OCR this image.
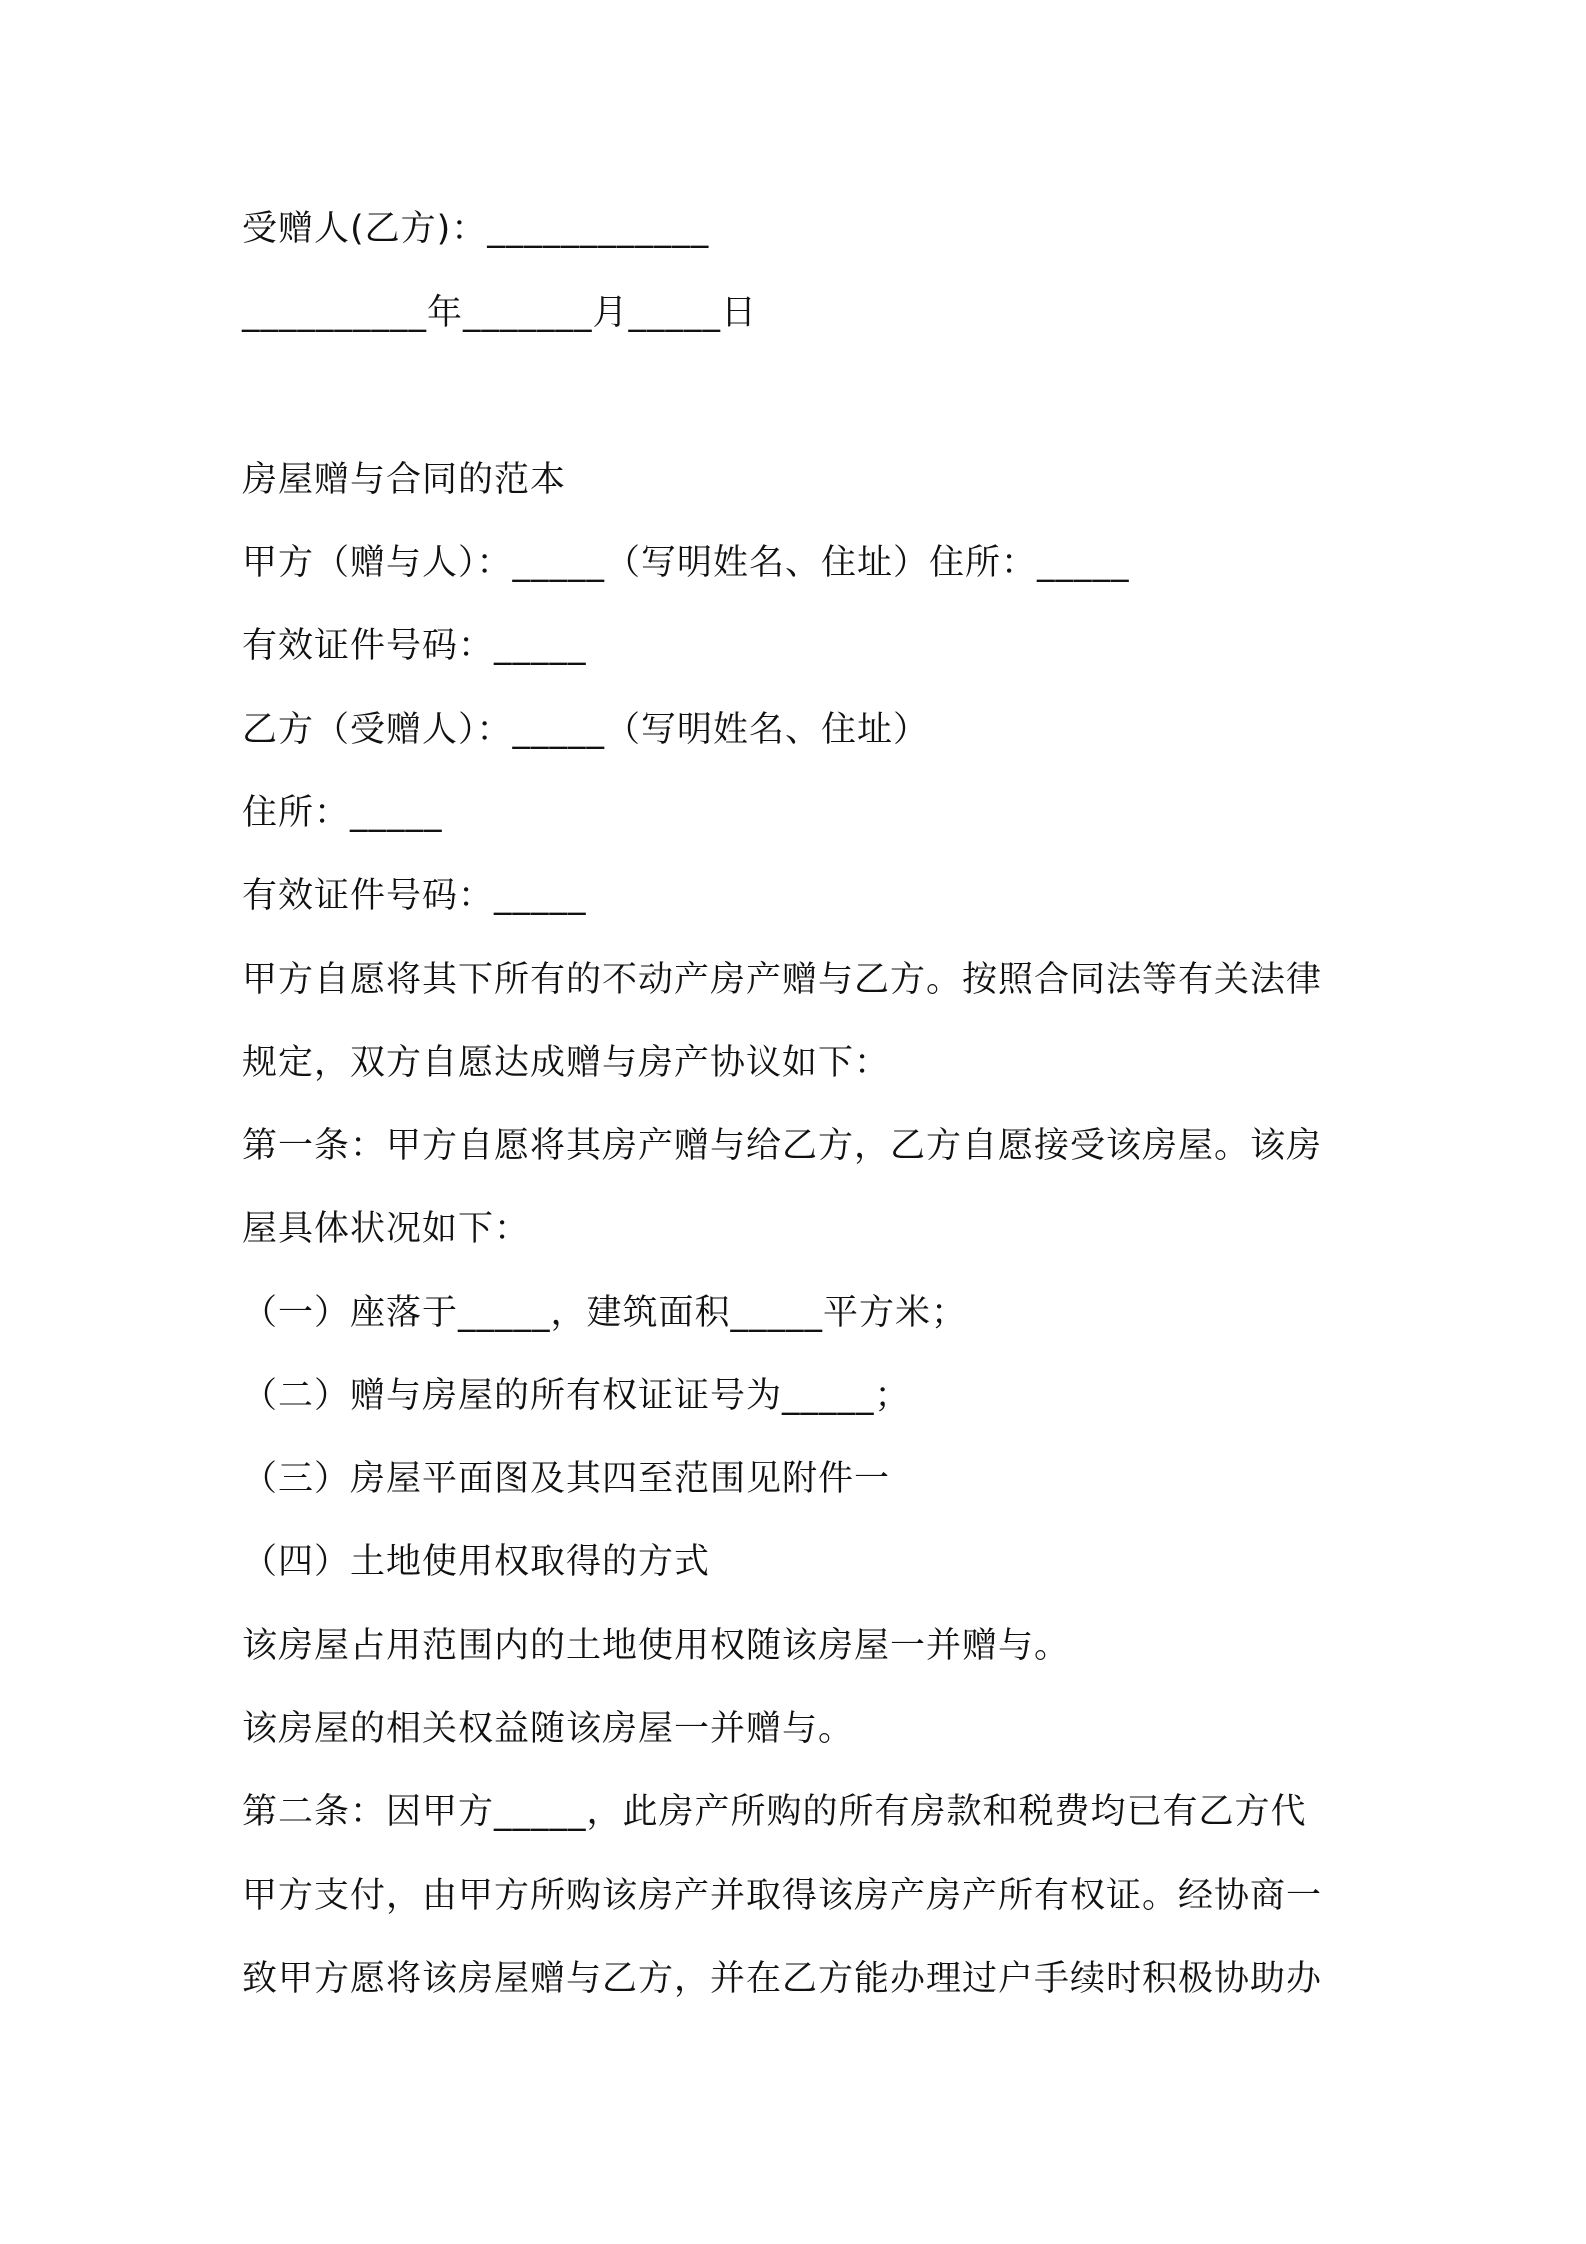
受赠人(乙方)：____________
__________年_______月_____日
房屋赠与合同的范本
甲方（赠与人）：_____（写明姓名、住址）住所：_____
有效证件号码：_____
乙方（受赠人）：_____（写明姓名、住址）
住所：_____
有效证件号码：_____
甲方自愿将其下所有的不动产房产赠与乙方。按照合同法等有关法律
规定，双方自愿达成赠与房产协议如下：
第一条：甲方自愿将其房产赠与给乙方，乙方自愿接受该房屋。该房
屋具体状况如下：
（一）座落于_____，建筑面积_____平方米；
（二）赠与房屋的所有权证证号为_____；
（三）房屋平面图及其四至范围见附件一
（四）土地使用权取得的方式
该房屋占用范围内的土地使用权随该房屋一并赠与。
该房屋的相关权益随该房屋一并赠与。
第二条：因甲方_____，此房产所购的所有房款和税费均已有乙方代
甲方支付，由甲方所购该房产并取得该房产房产所有权证。经协商一
致甲方愿将该房屋赠与乙方，并在乙方能办理过户手续时积极协助办
